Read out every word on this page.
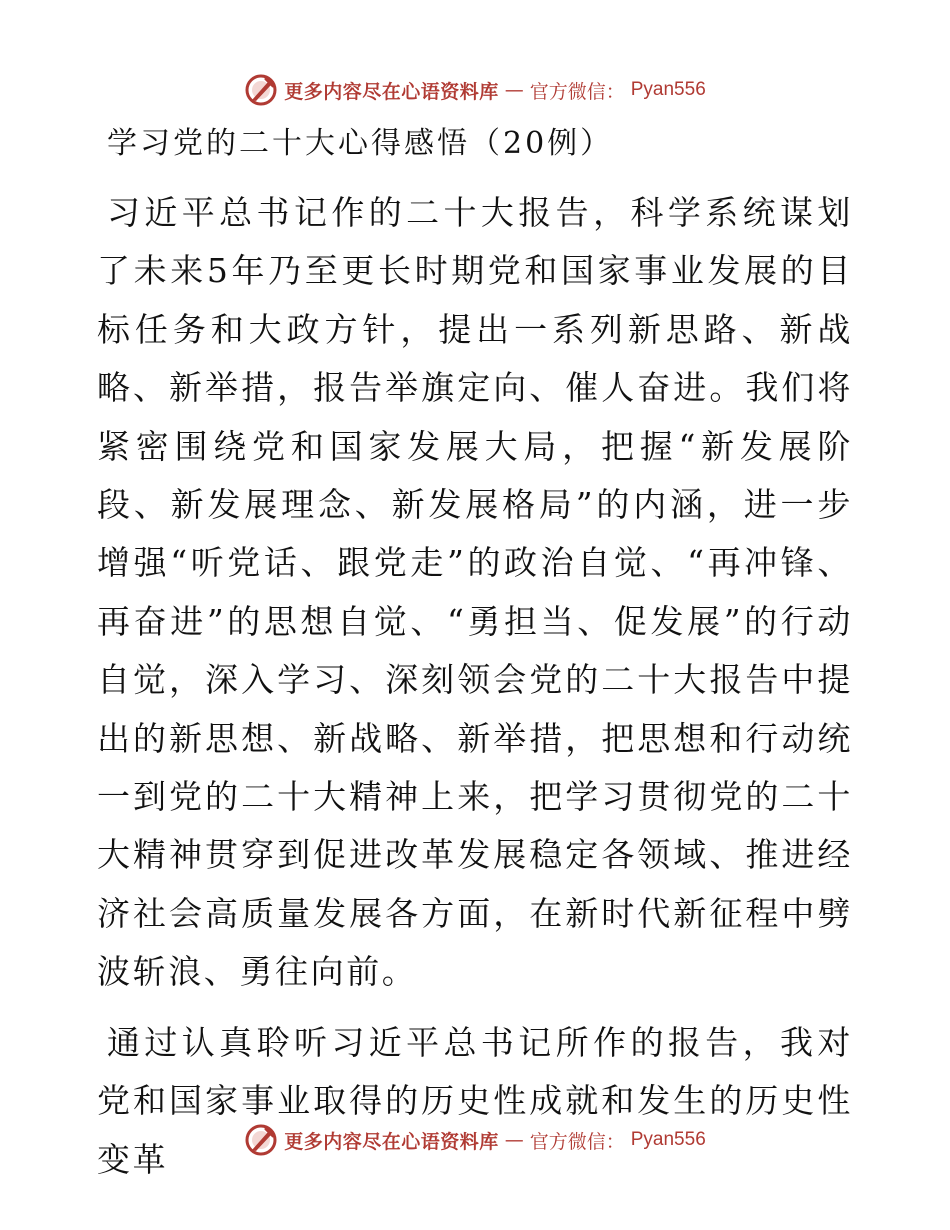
更多内容尽在心语资料库 — 官方微信： Pyan556
学习党的二十大心得感悟（20例）

习近平总书记作的二十大报告，科学系统谋划了未来5年乃至更长时期党和国家事业发展的目标任务和大政方针，提出一系列新思路、新战略、新举措，报告举旗定向、催人奋进。我们将紧密围绕党和国家发展大局，把握“新发展阶段、新发展理念、新发展格局”的内涵，进一步增强“听党话、跟党走”的政治自觉、“再冲锋、再奋进”的思想自觉、“勇担当、促发展”的行动自觉，深入学习、深刻领会党的二十大报告中提出的新思想、新战略、新举措，把思想和行动统一到党的二十大精神上来，把学习贯彻党的二十大精神贯穿到促进改革发展稳定各领域、推进经济社会高质量发展各方面，在新时代新征程中劈波斩浪、勇往向前。

通过认真聆听习近平总书记所作的报告，我对党和国家事业取得的历史性成就和发生的历史性变革	更多内容尽在心语资料库 — 官方微信： Pyan556
